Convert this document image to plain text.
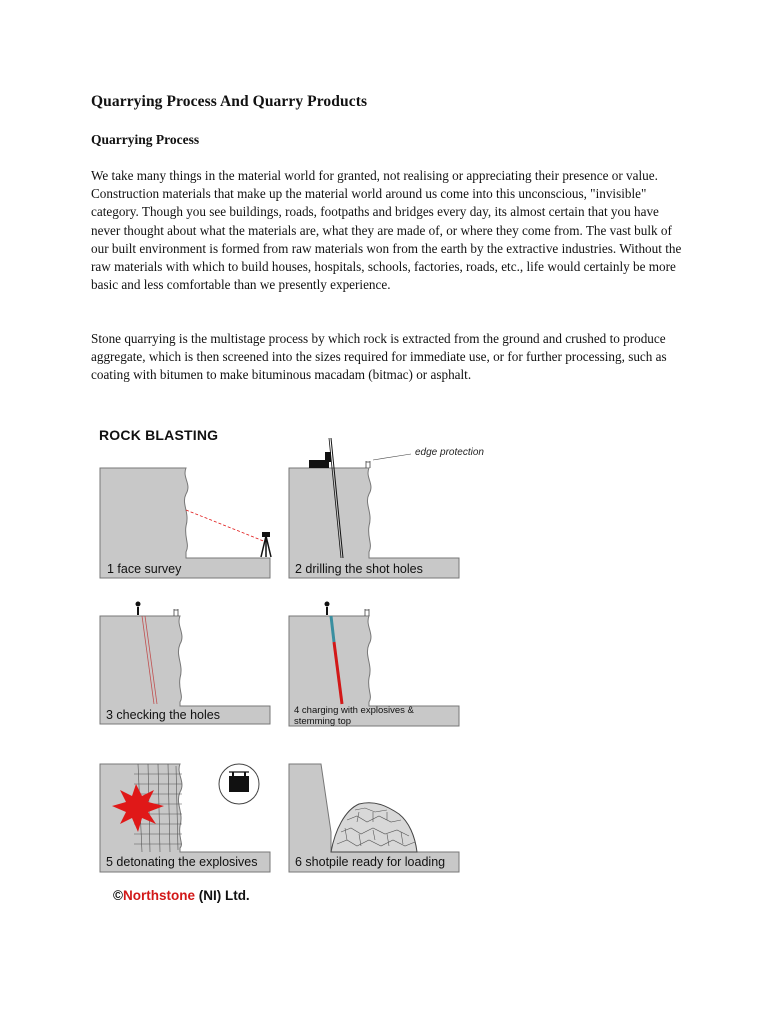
Quarrying Process And Quarry Products
Quarrying Process

We take many things in the material world for granted, not realising or appreciating their presence or value. Construction materials that make up the material world around us come into this unconscious, "invisible" category. Though you see buildings, roads, footpaths and bridges every day, its almost certain that you have never thought about what the materials are, what they are made of, or where they come from. The vast bulk of our built environment is formed from raw materials won from the earth by the extractive industries. Without the raw materials with which to build houses, hospitals, schools, factories, roads, etc., life would certainly be more basic and less comfortable than we presently experience.

Stone quarrying is the multistage process by which rock is extracted from the ground and crushed to produce aggregate, which is then screened into the sizes required for immediate use, or for further processing, such as coating with bitumen to make bituminous macadam (bitmac) or asphalt.

ROCK BLASTING
1 face survey
edge protection
2 drilling the shot holes
3 checking the holes	4 charging with explosives &
stemming top
5 detonating the explosives	6 shotpile ready for loading
©Northstone (NI) Ltd.
